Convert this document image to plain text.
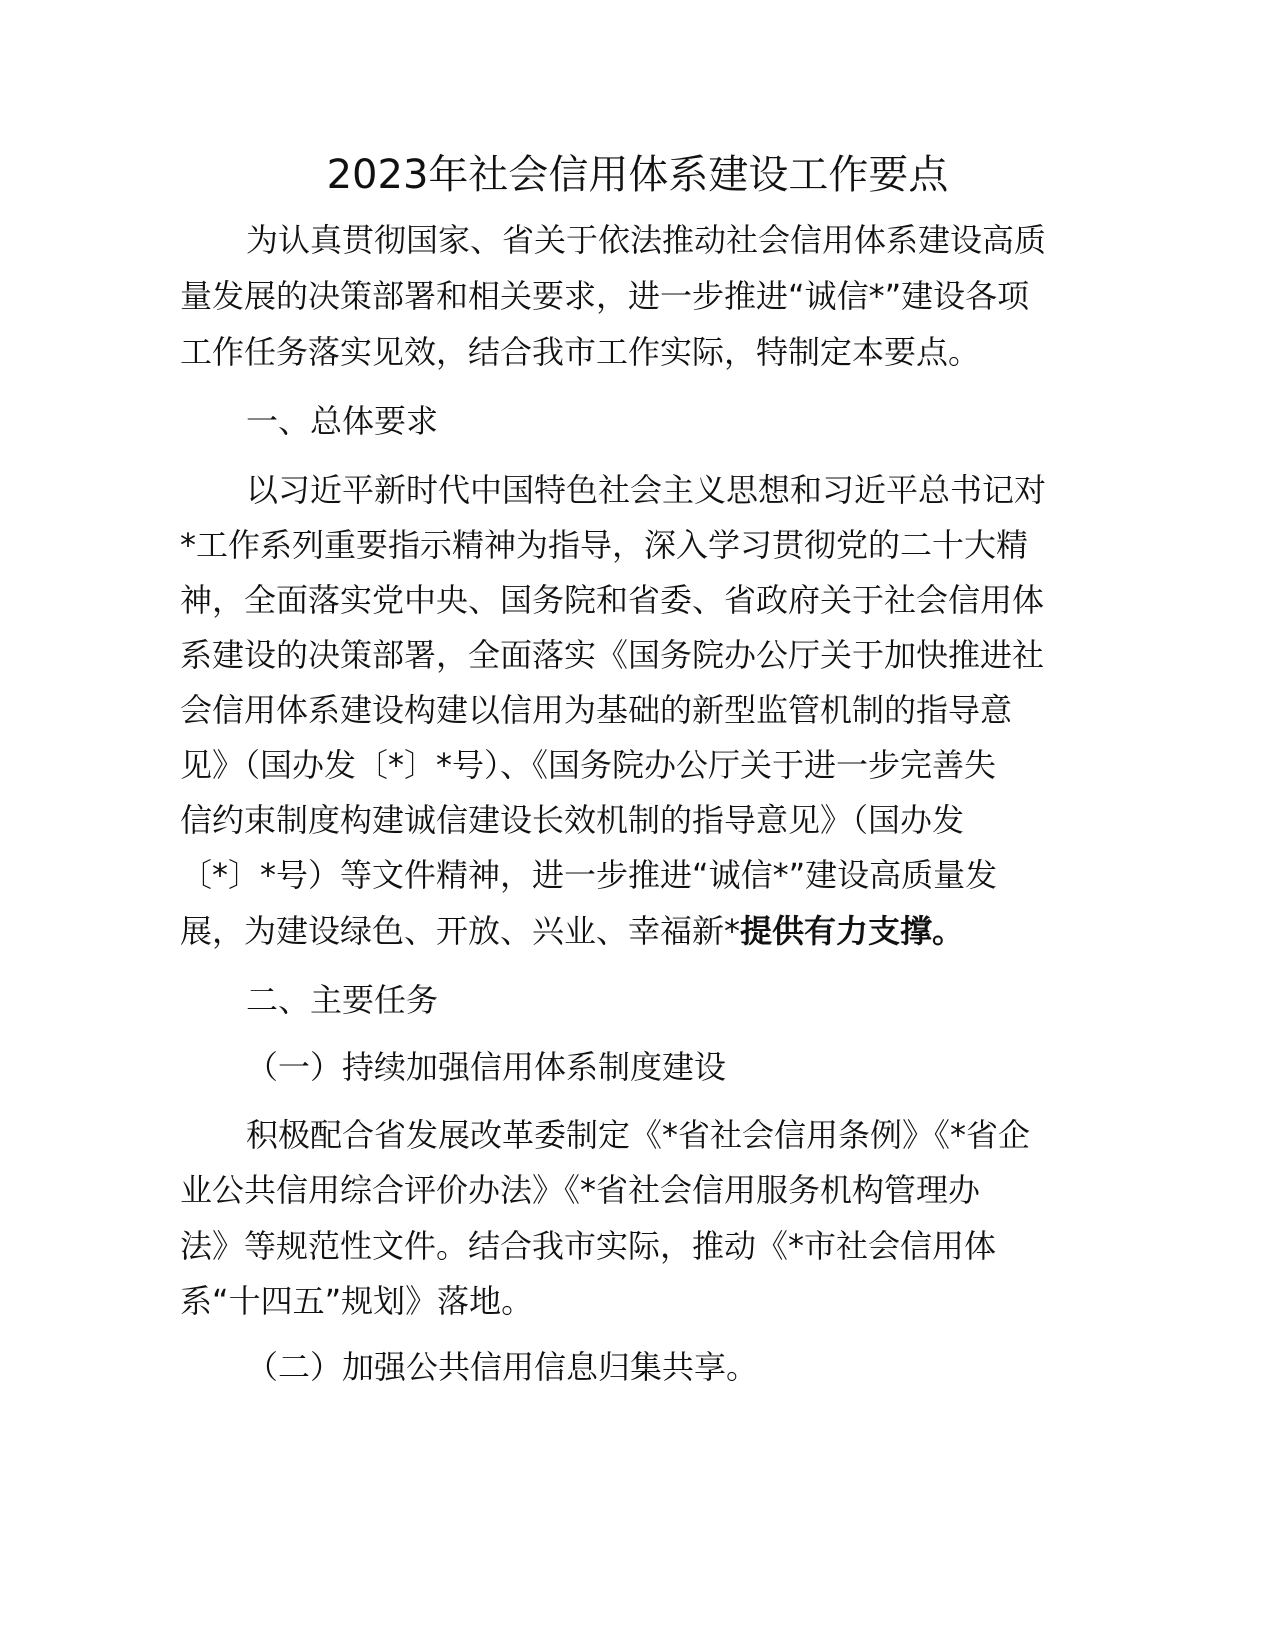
2023年社会信用体系建设工作要点
为认真贯彻国家、省关于依法推动社会信用体系建设高质
量发展的决策部署和相关要求，进一步推进“诚信*”建设各项
工作任务落实见效，结合我市工作实际，特制定本要点。
一、总体要求
以习近平新时代中国特色社会主义思想和习近平总书记对
*工作系列重要指示精神为指导，深入学习贯彻党的二十大精
神，全面落实党中央、国务院和省委、省政府关于社会信用体
系建设的决策部署，全面落实《国务院办公厅关于加快推进社
会信用体系建设构建以信用为基础的新型监管机制的指导意
见》（国办发〔*〕*号）、《国务院办公厅关于进一步完善失
信约束制度构建诚信建设长效机制的指导意见》（国办发
〔*〕*号）等文件精神，进一步推进“诚信*”建设高质量发
展，为建设绿色、开放、兴业、幸福新*提供有力支撑。
二、主要任务
（一）持续加强信用体系制度建设
积极配合省发展改革委制定《*省社会信用条例》《*省企
业公共信用综合评价办法》《*省社会信用服务机构管理办
法》等规范性文件。结合我市实际，推动《*市社会信用体
系“十四五”规划》落地。
（二）加强公共信用信息归集共享。
